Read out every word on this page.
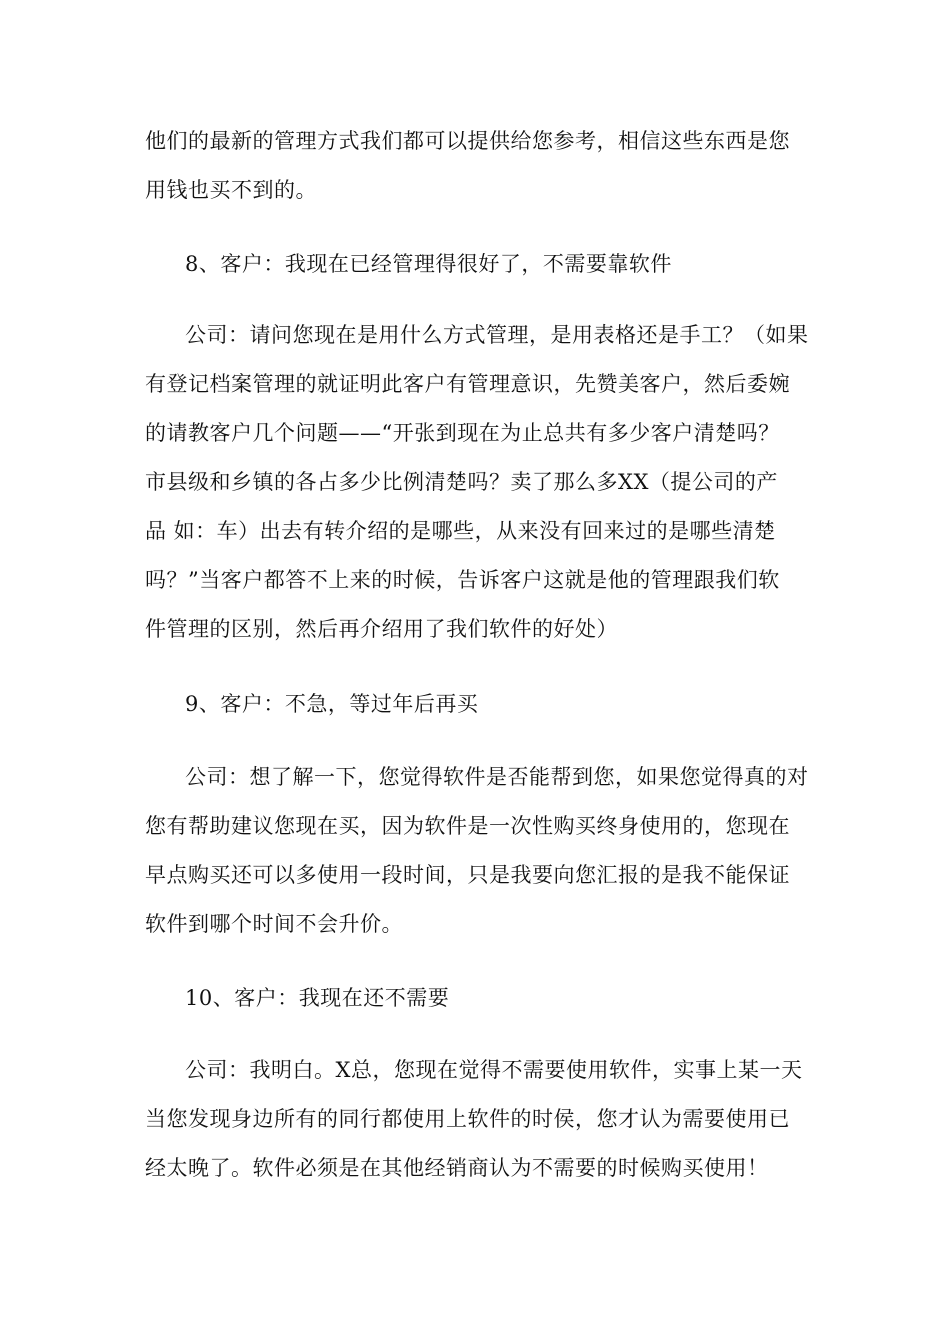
他们的最新的管理方式我们都可以提供给您参考，相信这些东西是您
用钱也买不到的。
8、客户：我现在已经管理得很好了，不需要靠软件
公司：请问您现在是用什么方式管理，是用表格还是手工？（如果
有登记档案管理的就证明此客户有管理意识，先赞美客户，然后委婉
的请教客户几个问题——“开张到现在为止总共有多少客户清楚吗？
市县级和乡镇的各占多少比例清楚吗？卖了那么多XX（提公司的产
品 如：车）出去有转介绍的是哪些，从来没有回来过的是哪些清楚
吗？”当客户都答不上来的时候，告诉客户这就是他的管理跟我们软
件管理的区别，然后再介绍用了我们软件的好处）
9、客户：不急，等过年后再买
公司：想了解一下，您觉得软件是否能帮到您，如果您觉得真的对
您有帮助建议您现在买，因为软件是一次性购买终身使用的，您现在
早点购买还可以多使用一段时间，只是我要向您汇报的是我不能保证
软件到哪个时间不会升价。
10、客户：我现在还不需要
公司：我明白。X总，您现在觉得不需要使用软件，实事上某一天
当您发现身边所有的同行都使用上软件的时侯，您才认为需要使用已
经太晚了。软件必须是在其他经销商认为不需要的时候购买使用！
